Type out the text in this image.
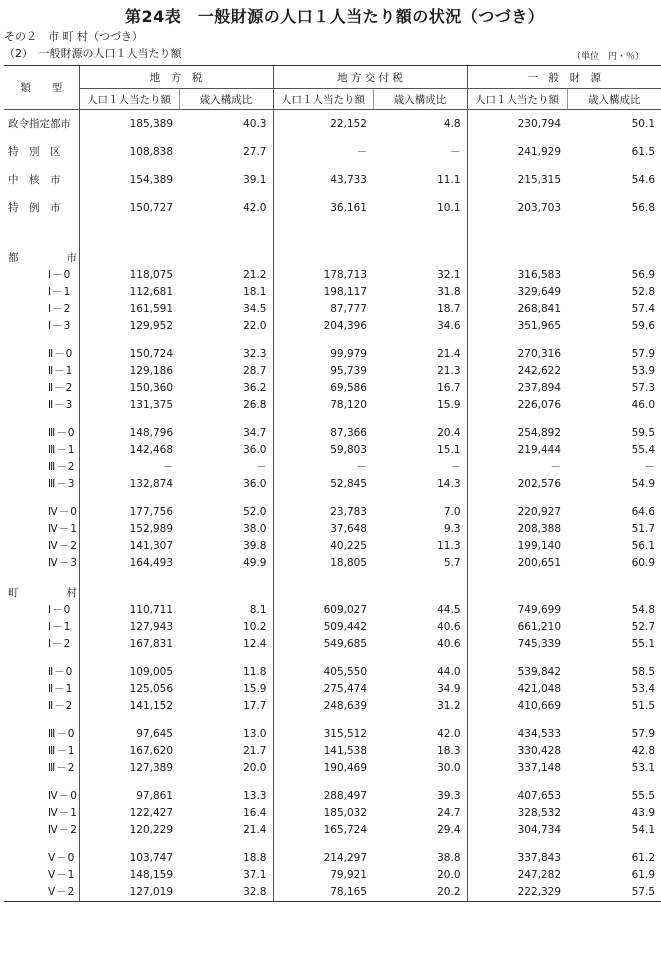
第24表　一般財源の人口１人当たり額の状況（つづき）
その２　市 町 村（つづき）
（2）　一般財源の人口１人当たり額	（単位　円・％）
類　　型	地　方　税		地 方 交 付 税		一　般　財　源	
	人口１人当たり額	歳入構成比	人口１人当たり額	歳入構成比	人口１人当たり額	歳入構成比
政令指定都市	185,389	40.3	22,152	4.8	230,794	50.1
特　別　区	108,838	27.7	－	－	241,929	61.5
中　核　市	154,389	39.1	43,733	11.1	215,315	54.6
特　例　市	150,727	42.0	36,161	10.1	203,703	56.8

都　　市						
Ⅰ－0	118,075	21.2	178,713	32.1	316,583	56.9
Ⅰ－1	112,681	18.1	198,117	31.8	329,649	52.8
Ⅰ－2	161,591	34.5	87,777	18.7	268,841	57.4
Ⅰ－3	129,952	22.0	204,396	34.6	351,965	59.6

Ⅱ－0	150,724	32.3	99,979	21.4	270,316	57.9
Ⅱ－1	129,186	28.7	95,739	21.3	242,622	53.9
Ⅱ－2	150,360	36.2	69,586	16.7	237,894	57.3
Ⅱ－3	131,375	26.8	78,120	15.9	226,076	46.0

Ⅲ－0	148,796	34.7	87,366	20.4	254,892	59.5
Ⅲ－1	142,468	36.0	59,803	15.1	219,444	55.4
Ⅲ－2	－	－	－	－	－	－
Ⅲ－3	132,874	36.0	52,845	14.3	202,576	54.9

Ⅳ－0	177,756	52.0	23,783	7.0	220,927	64.6
Ⅳ－1	152,989	38.0	37,648	9.3	208,388	51.7
Ⅳ－2	141,307	39.8	40,225	11.3	199,140	56.1
Ⅳ－3	164,493	49.9	18,805	5.7	200,651	60.9

町　　村						
Ⅰ－0	110,711	8.1	609,027	44.5	749,699	54.8
Ⅰ－1	127,943	10.2	509,442	40.6	661,210	52.7
Ⅰ－2	167,831	12.4	549,685	40.6	745,339	55.1

Ⅱ－0	109,005	11.8	405,550	44.0	539,842	58.5
Ⅱ－1	125,056	15.9	275,474	34.9	421,048	53.4
Ⅱ－2	141,152	17.7	248,639	31.2	410,669	51.5

Ⅲ－0	97,645	13.0	315,512	42.0	434,533	57.9
Ⅲ－1	167,620	21.7	141,538	18.3	330,428	42.8
Ⅲ－2	127,389	20.0	190,469	30.0	337,148	53.1

Ⅳ－0	97,861	13.3	288,497	39.3	407,653	55.5
Ⅳ－1	122,427	16.4	185,032	24.7	328,532	43.9
Ⅳ－2	120,229	21.4	165,724	29.4	304,734	54.1

Ⅴ－0	103,747	18.8	214,297	38.8	337,843	61.2
Ⅴ－1	148,159	37.1	79,921	20.0	247,282	61.9
Ⅴ－2	127,019	32.8	78,165	20.2	222,329	57.5
